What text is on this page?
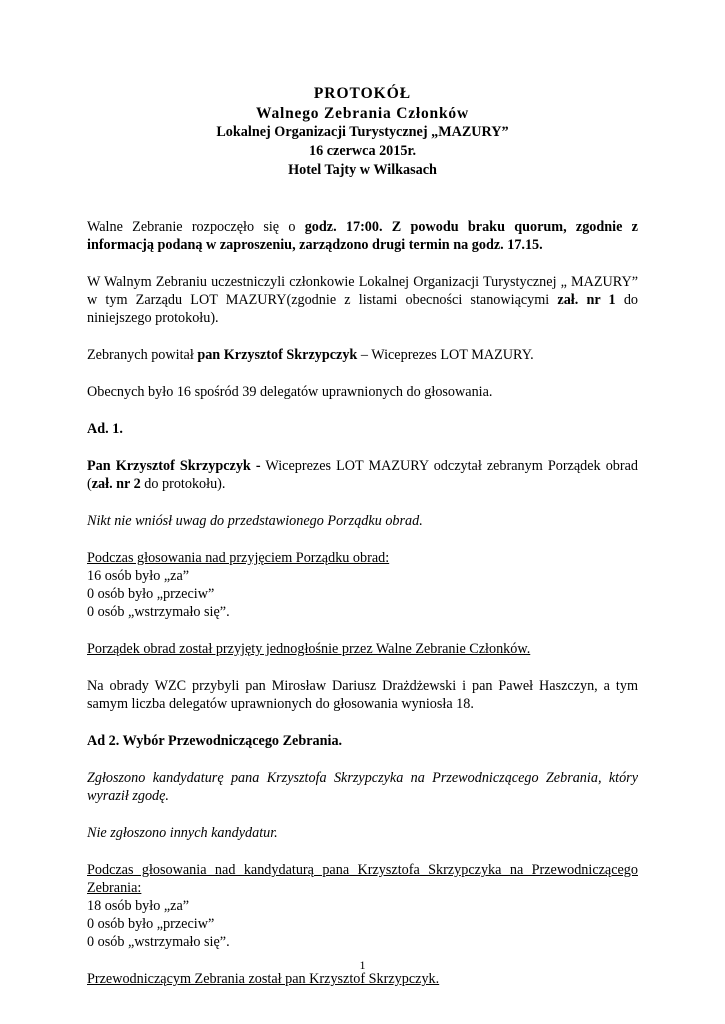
PROTOKÓŁ
Walnego Zebrania Członków
Lokalnej Organizacji Turystycznej „MAZURY”
16 czerwca 2015r.
Hotel Tajty w Wilkasach

Walne Zebranie rozpoczęło się o godz. 17:00. Z powodu braku quorum, zgodnie z informacją podaną w zaproszeniu, zarządzono drugi termin na godz. 17.15.

W Walnym Zebraniu uczestniczyli członkowie Lokalnej Organizacji Turystycznej „ MAZURY” w tym Zarządu LOT MAZURY(zgodnie z listami obecności stanowiącymi zał. nr 1 do niniejszego protokołu).

Zebranych powitał pan Krzysztof Skrzypczyk – Wiceprezes LOT MAZURY.

Obecnych było 16 spośród 39 delegatów uprawnionych do głosowania.

Ad. 1.

Pan Krzysztof Skrzypczyk - Wiceprezes LOT MAZURY odczytał zebranym Porządek obrad (zał. nr 2 do protokołu).

Nikt nie wniósł uwag do przedstawionego Porządku obrad.

Podczas głosowania nad przyjęciem Porządku obrad:
16 osób było „za”
0 osób było „przeciw”
0 osób „wstrzymało się”.

Porządek obrad został przyjęty jednogłośnie przez Walne Zebranie Członków.

Na obrady WZC przybyli pan Mirosław Dariusz Drażdżewski i pan Paweł Haszczyn, a tym samym liczba delegatów uprawnionych do głosowania wyniosła 18.

Ad 2. Wybór Przewodniczącego Zebrania.

Zgłoszono kandydaturę pana Krzysztofa Skrzypczyka na Przewodniczącego Zebrania, który wyraził zgodę.

Nie zgłoszono innych kandydatur.

Podczas głosowania nad kandydaturą pana Krzysztofa Skrzypczyka na Przewodniczącego Zebrania:
18 osób było „za”
0 osób było „przeciw”
0 osób „wstrzymało się”.

Przewodniczącym Zebrania został pan Krzysztof Skrzypczyk.

1
